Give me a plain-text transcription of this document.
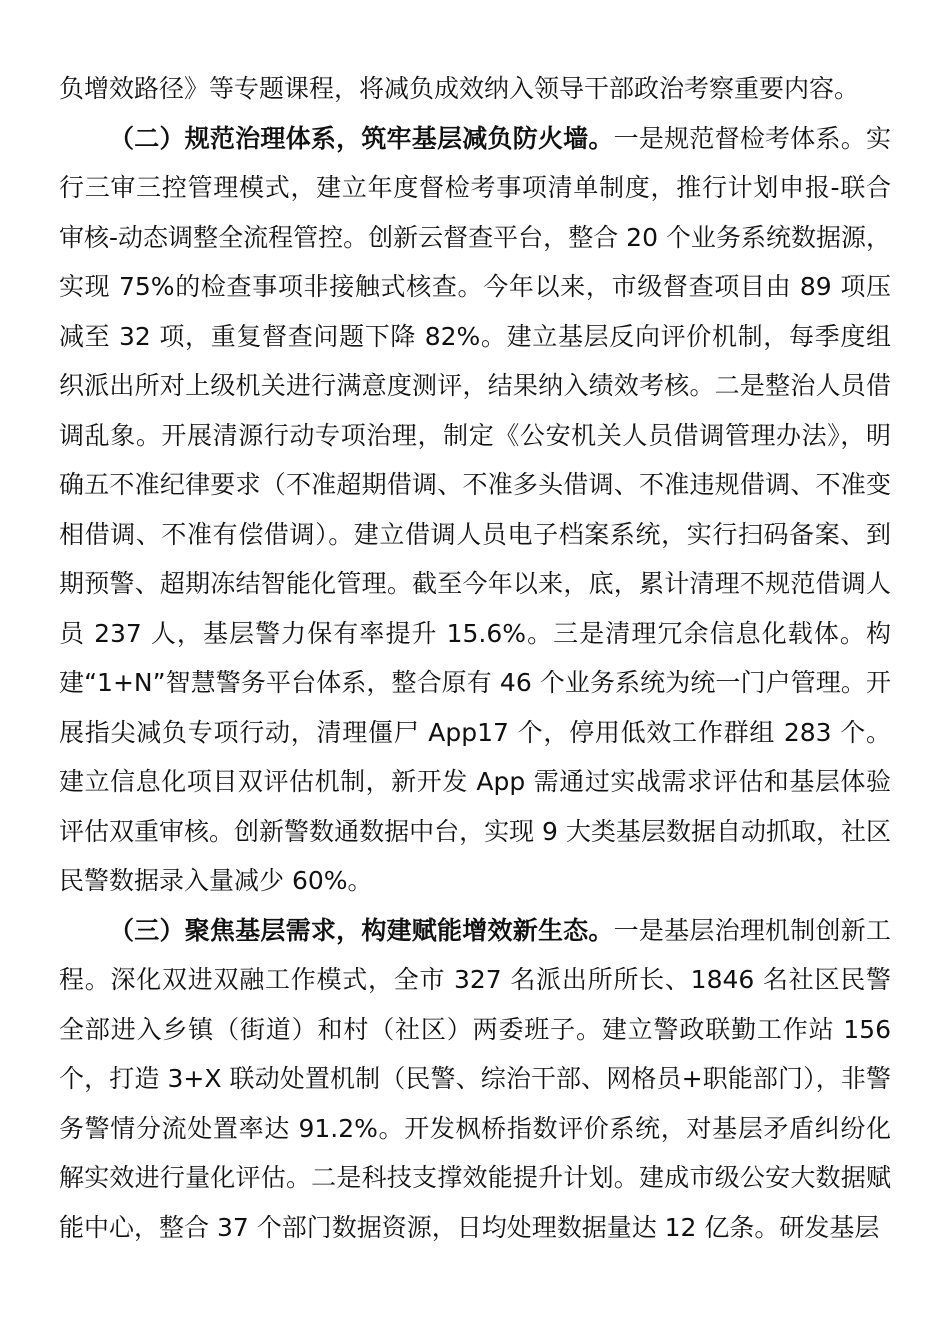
负增效路径》等专题课程，将减负成效纳入领导干部政治考察重要内容。

（二）规范治理体系，筑牢基层减负防火墙。一是规范督检考体系。实行三审三控管理模式，建立年度督检考事项清单制度，推行计划申报-联合审核-动态调整全流程管控。创新云督查平台，整合 20 个业务系统数据源，实现 75%的检查事项非接触式核查。今年以来，市级督查项目由 89 项压减至 32 项，重复督查问题下降 82%。建立基层反向评价机制，每季度组织派出所对上级机关进行满意度测评，结果纳入绩效考核。二是整治人员借调乱象。开展清源行动专项治理，制定《公安机关人员借调管理办法》，明确五不准纪律要求（不准超期借调、不准多头借调、不准违规借调、不准变相借调、不准有偿借调）。建立借调人员电子档案系统，实行扫码备案、到期预警、超期冻结智能化管理。截至今年以来，底，累计清理不规范借调人员 237 人，基层警力保有率提升 15.6%。三是清理冗余信息化载体。构建“1+N”智慧警务平台体系，整合原有 46 个业务系统为统一门户管理。开展指尖减负专项行动，清理僵尸 App17 个，停用低效工作群组 283 个。建立信息化项目双评估机制，新开发 App 需通过实战需求评估和基层体验评估双重审核。创新警数通数据中台，实现 9 大类基层数据自动抓取，社区民警数据录入量减少 60%。

（三）聚焦基层需求，构建赋能增效新生态。一是基层治理机制创新工程。深化双进双融工作模式，全市 327 名派出所所长、1846 名社区民警全部进入乡镇（街道）和村（社区）两委班子。建立警政联勤工作站 156 个，打造 3+X 联动处置机制（民警、综治干部、网格员+职能部门），非警务警情分流处置率达 91.2%。开发枫桥指数评价系统，对基层矛盾纠纷化解实效进行量化评估。二是科技支撑效能提升计划。建成市级公安大数据赋能中心，整合 37 个部门数据资源，日均处理数据量达 12 亿条。研发基层
